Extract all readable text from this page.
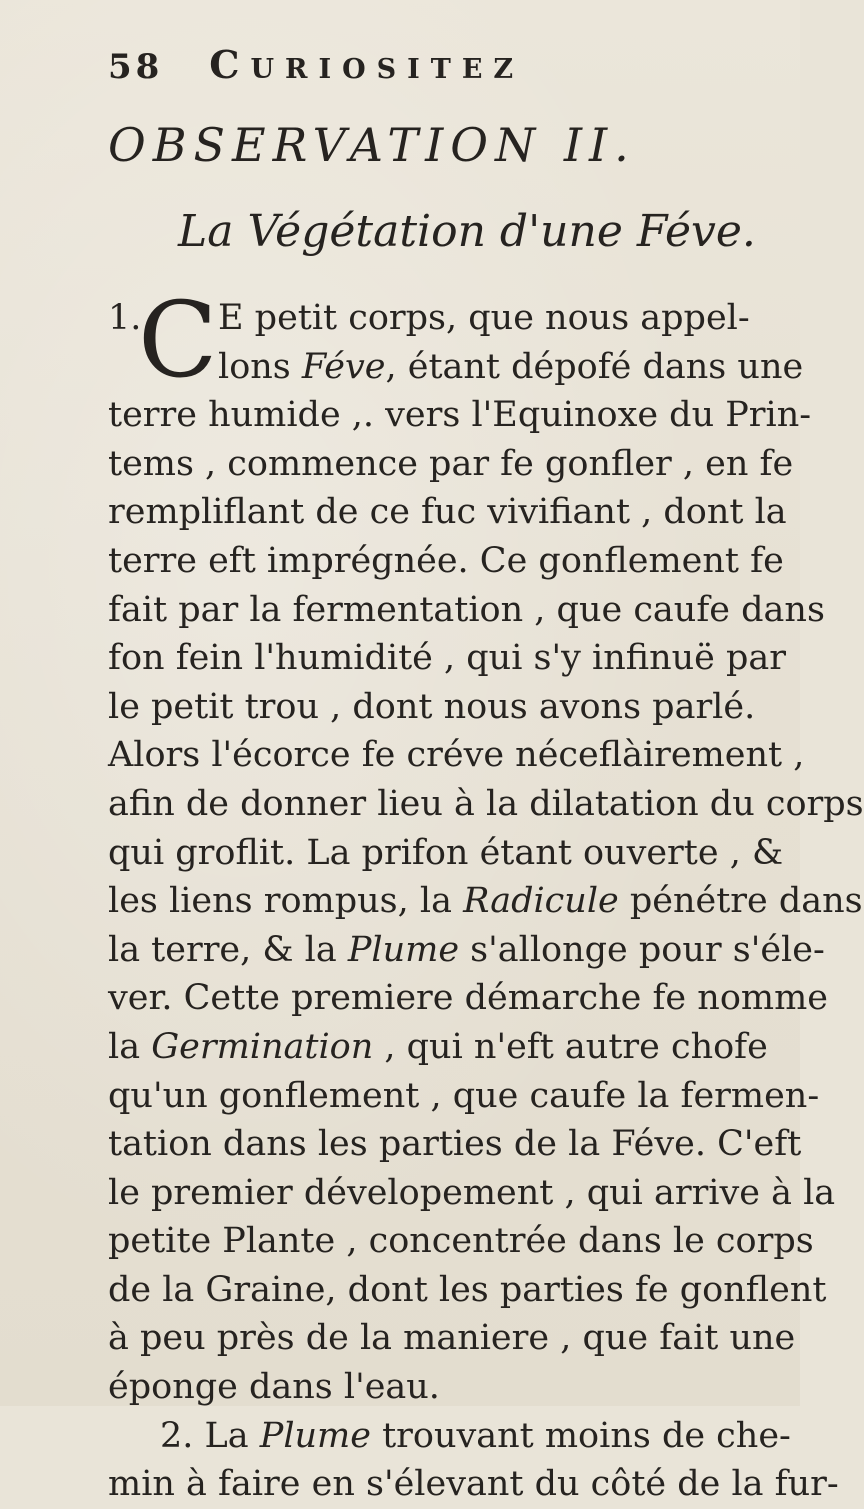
58 Curiositez
OBSERVATION II.
La Végétation d'une Féve.
1.
C E petit corps, que nous appel-
lons Féve, étant dépofé dans une
terre humide ,. vers l'Equinoxe du Prin-
tems , commence par fe gonfler , en fe
rempliflant de ce fuc vivifiant , dont la
terre eft imprégnée. Ce gonflement fe
fait par la fermentation , que caufe dans
fon fein l'humidité , qui s'y infinuë par
le petit trou , dont nous avons parlé.
Alors l'écorce fe créve néceflàirement ,
afin de donner lieu à la dilatation du corps
qui groflit. La prifon étant ouverte , &
les liens rompus, la Radicule pénétre dans
la terre, & la Plume s'allonge pour s'éle-
ver. Cette premiere démarche fe nomme
la Germination , qui n'eft autre chofe
qu'un gonflement , que caufe la fermen-
tation dans les parties de la Féve. C'eft
le premier dévelopement , qui arrive à la
petite Plante , concentrée dans le corps
de la Graine, dont les parties fe gonflent
à peu près de la maniere , que fait une
éponge dans l'eau.
2. La Plume trouvant moins de che-
min à faire en s'élevant du côté de la fur-
